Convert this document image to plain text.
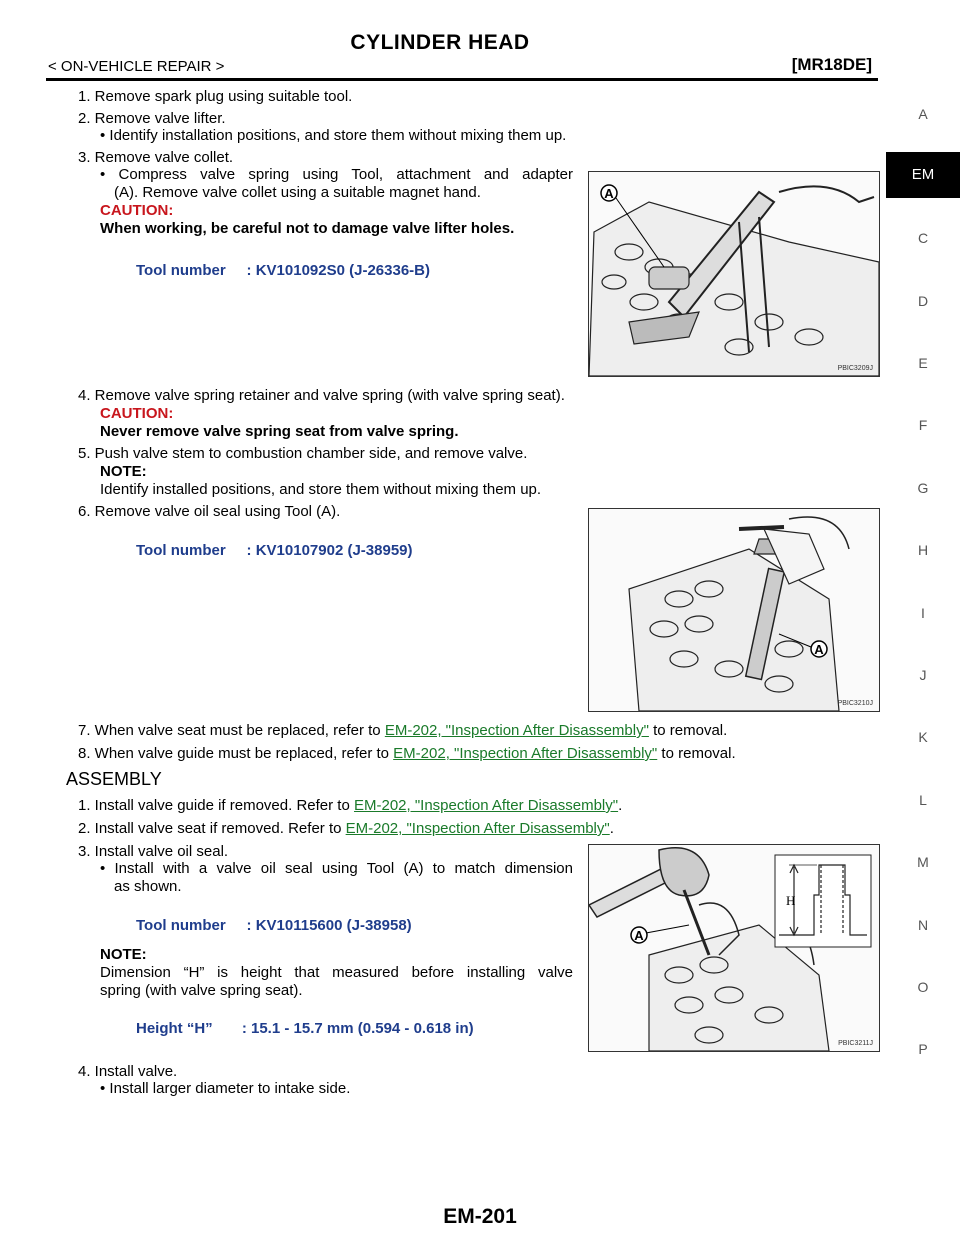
CYLINDER HEAD
< ON-VEHICLE REPAIR >	[MR18DE]
A
EM
C
D
E
F
G
H
I
J
K
L
M
N
O
P
1. Remove spark plug using suitable tool.
2. Remove valve lifter.
• Identify installation positions, and store them without mixing them up.
3. Remove valve collet.
• Compress valve spring using Tool, attachment and adapter
(A). Remove valve collet using a suitable magnet hand.
CAUTION:
When working, be careful not to damage valve lifter holes.
Tool number     : KV101092S0 (J-26336-B)
A
PBIC3209J
4. Remove valve spring retainer and valve spring (with valve spring seat).
CAUTION:
Never remove valve spring seat from valve spring.
5. Push valve stem to combustion chamber side, and remove valve.
NOTE:
Identify installed positions, and store them without mixing them up.
6. Remove valve oil seal using Tool (A).
Tool number     : KV10107902 (J-38959)
A
PBIC3210J
7. When valve seat must be replaced, refer to EM-202, "Inspection After Disassembly" to removal.
8. When valve guide must be replaced, refer to EM-202, "Inspection After Disassembly" to removal.
ASSEMBLY
1. Install valve guide if removed. Refer to EM-202, "Inspection After Disassembly".
2. Install valve seat if removed. Refer to EM-202, "Inspection After Disassembly".
3. Install valve oil seal.
• Install with a valve oil seal using Tool (A) to match dimension
as shown.
Tool number     : KV10115600 (J-38958)
NOTE:
Dimension “H” is height that measured before installing valve
spring (with valve spring seat).
Height “H”       : 15.1 - 15.7 mm (0.594 - 0.618 in)
H
A
PBIC3211J
4. Install valve.
• Install larger diameter to intake side.
EM-201
